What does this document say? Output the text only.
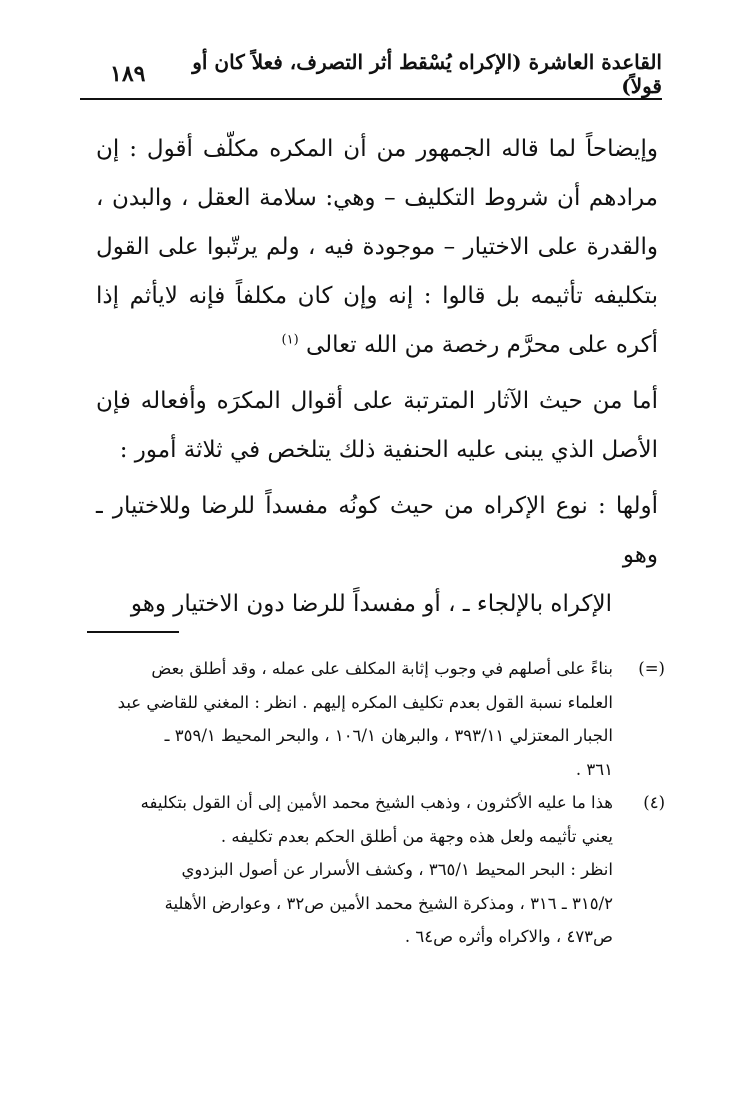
القاعدة العاشرة (الإكراه يُسْقط أثر التصرف، فعلاً كان أو قولاً)
١٨٩

وإيضاحاً لما قاله الجمهور من أن المكره مكلّف أقول : إن مرادهم أن شروط التكليف – وهي: سلامة العقل ، والبدن ، والقدرة على الاختيار – موجودة فيه ، ولم يرتّبوا على القول بتكليفه تأثيمه بل قالوا : إنه وإن كان مكلفاً فإنه لايأثم إذا أكره على محرَّم رخصة من الله تعالى $^{(١)}$

أما من حيث الآثار المترتبة على أقوال المكرَه وأفعاله فإن الأصل الذي يبنى عليه الحنفية ذلك يتلخص في ثلاثة أمور :

أولها : نوع الإكراه من حيث كونُه مفسداً للرضا وللاختيار ـ وهو
الإكراه بالإلجاء ـ ، أو مفسداً للرضا دون الاختيار وهو

(=)
بناءً على أصلهم في وجوب إثابة المكلف على عمله ، وقد أطلق بعض
العلماء نسبة القول بعدم تكليف المكره إليهم . انظر : المغني للقاضي عبد
الجبار المعتزلي ٣٩٣/١١ ، والبرهان ١٠٦/١ ، والبحر المحيط ٣٥٩/١ ـ
٣٦١ .
(٤)
هذا ما عليه الأكثرون ، وذهب الشيخ محمد الأمين إلى أن القول بتكليفه
يعني تأثيمه ولعل هذه وجهة من أطلق الحكم بعدم تكليفه .
انظر : البحر المحيط ٣٦٥/١ ، وكشف الأسرار عن أصول البزدوي
٣١٥/٢ ـ ٣١٦ ، ومذكرة الشيخ محمد الأمين ص٣٢ ، وعوارض الأهلية
ص٤٧٣ ، والاكراه وأثره ص٦٤ .
